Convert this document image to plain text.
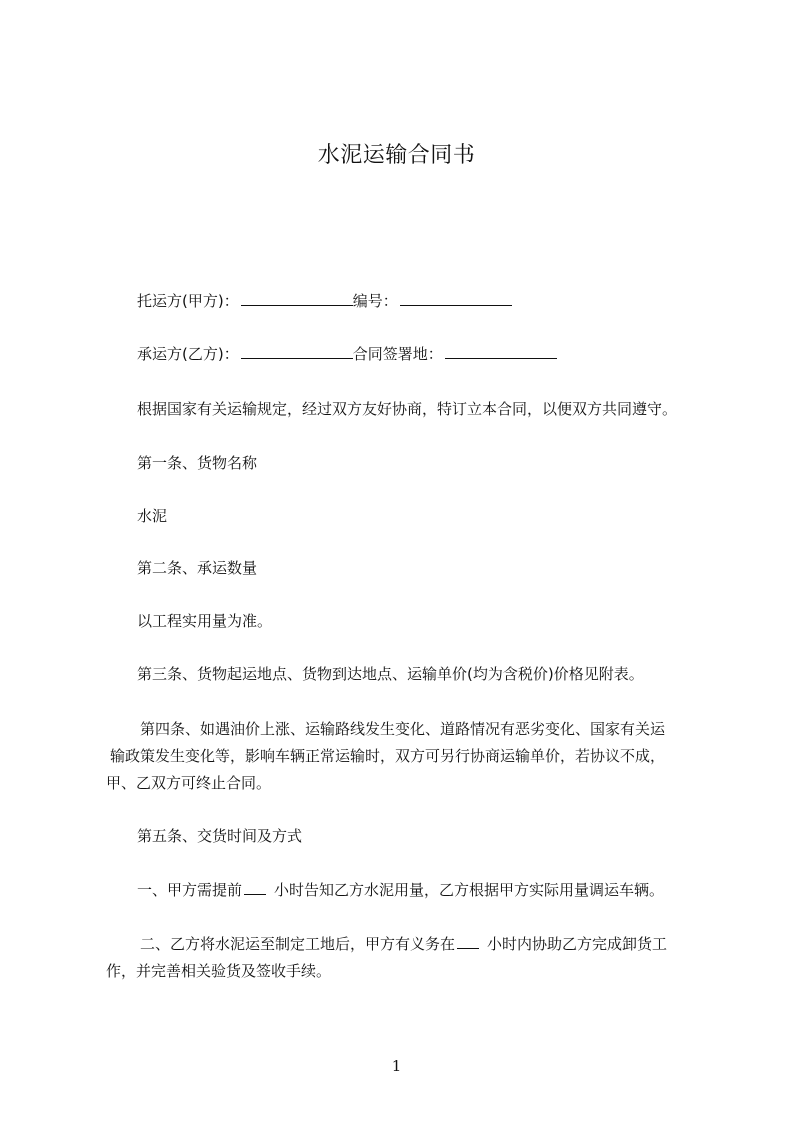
水泥运输合同书
托运方(甲方)：	编号：
承运方(乙方)：	合同签署地：
根据国家有关运输规定，经过双方友好协商，特订立本合同，以便双方共同遵守。
第一条、货物名称
水泥
第二条、承运数量
以工程实用量为准。
第三条、货物起运地点、货物到达地点、运输单价(均为含税价)价格见附表。
第四条、如遇油价上涨、运输路线发生变化、道路情况有恶劣变化、国家有关运
输政策发生变化等，影响车辆正常运输时，双方可另行协商运输单价，若协议不成，
甲、乙双方可终止合同。
第五条、交货时间及方式
一、甲方需提前 小时告知乙方水泥用量，乙方根据甲方实际用量调运车辆。
二、乙方将水泥运至制定工地后，甲方有义务在 小时内协助乙方完成卸货工
作，并完善相关验货及签收手续。
1
